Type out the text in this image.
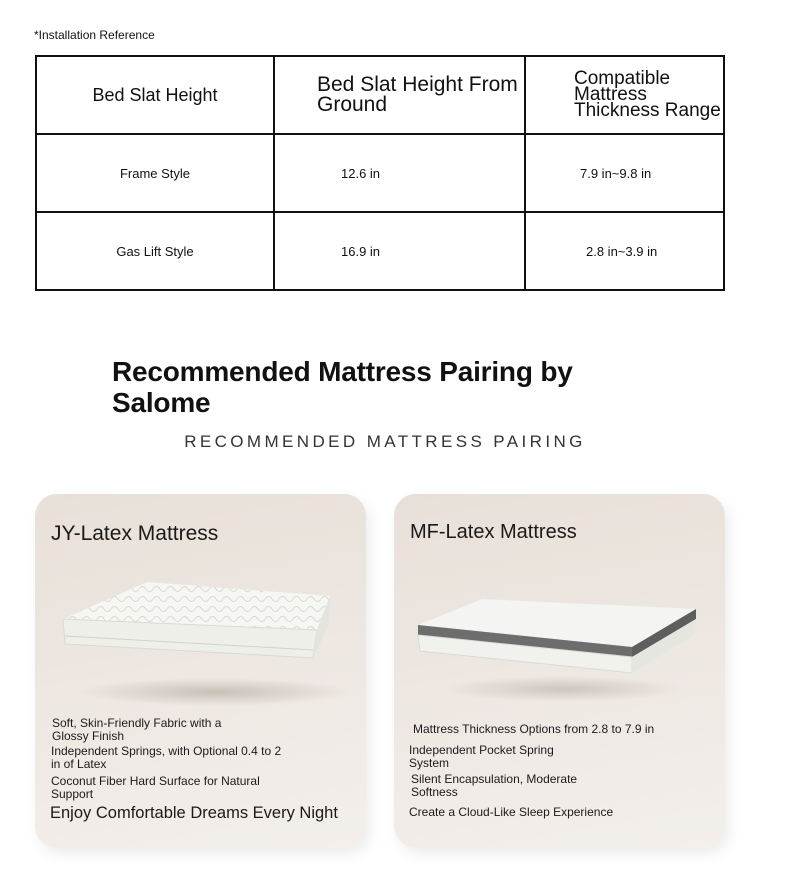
*Installation Reference
Bed Slat Height	Bed Slat Height From Ground	Compatible Mattress Thickness Range
Frame Style	12.6 in	7.9 in~9.8 in
Gas Lift Style	16.9 in	2.8 in~3.9 in
Recommended Mattress Pairing by Salome
RECOMMENDED MATTRESS PAIRING
JY-Latex Mattress
Soft, Skin-Friendly Fabric with a Glossy Finish
Independent Springs, with Optional 0.4 to 2 in of Latex
Coconut Fiber Hard Surface for Natural Support
Enjoy Comfortable Dreams Every Night
MF-Latex Mattress
Mattress Thickness Options from 2.8 to 7.9 in
Independent Pocket Spring System
Silent Encapsulation, Moderate Softness
Create a Cloud-Like Sleep Experience
